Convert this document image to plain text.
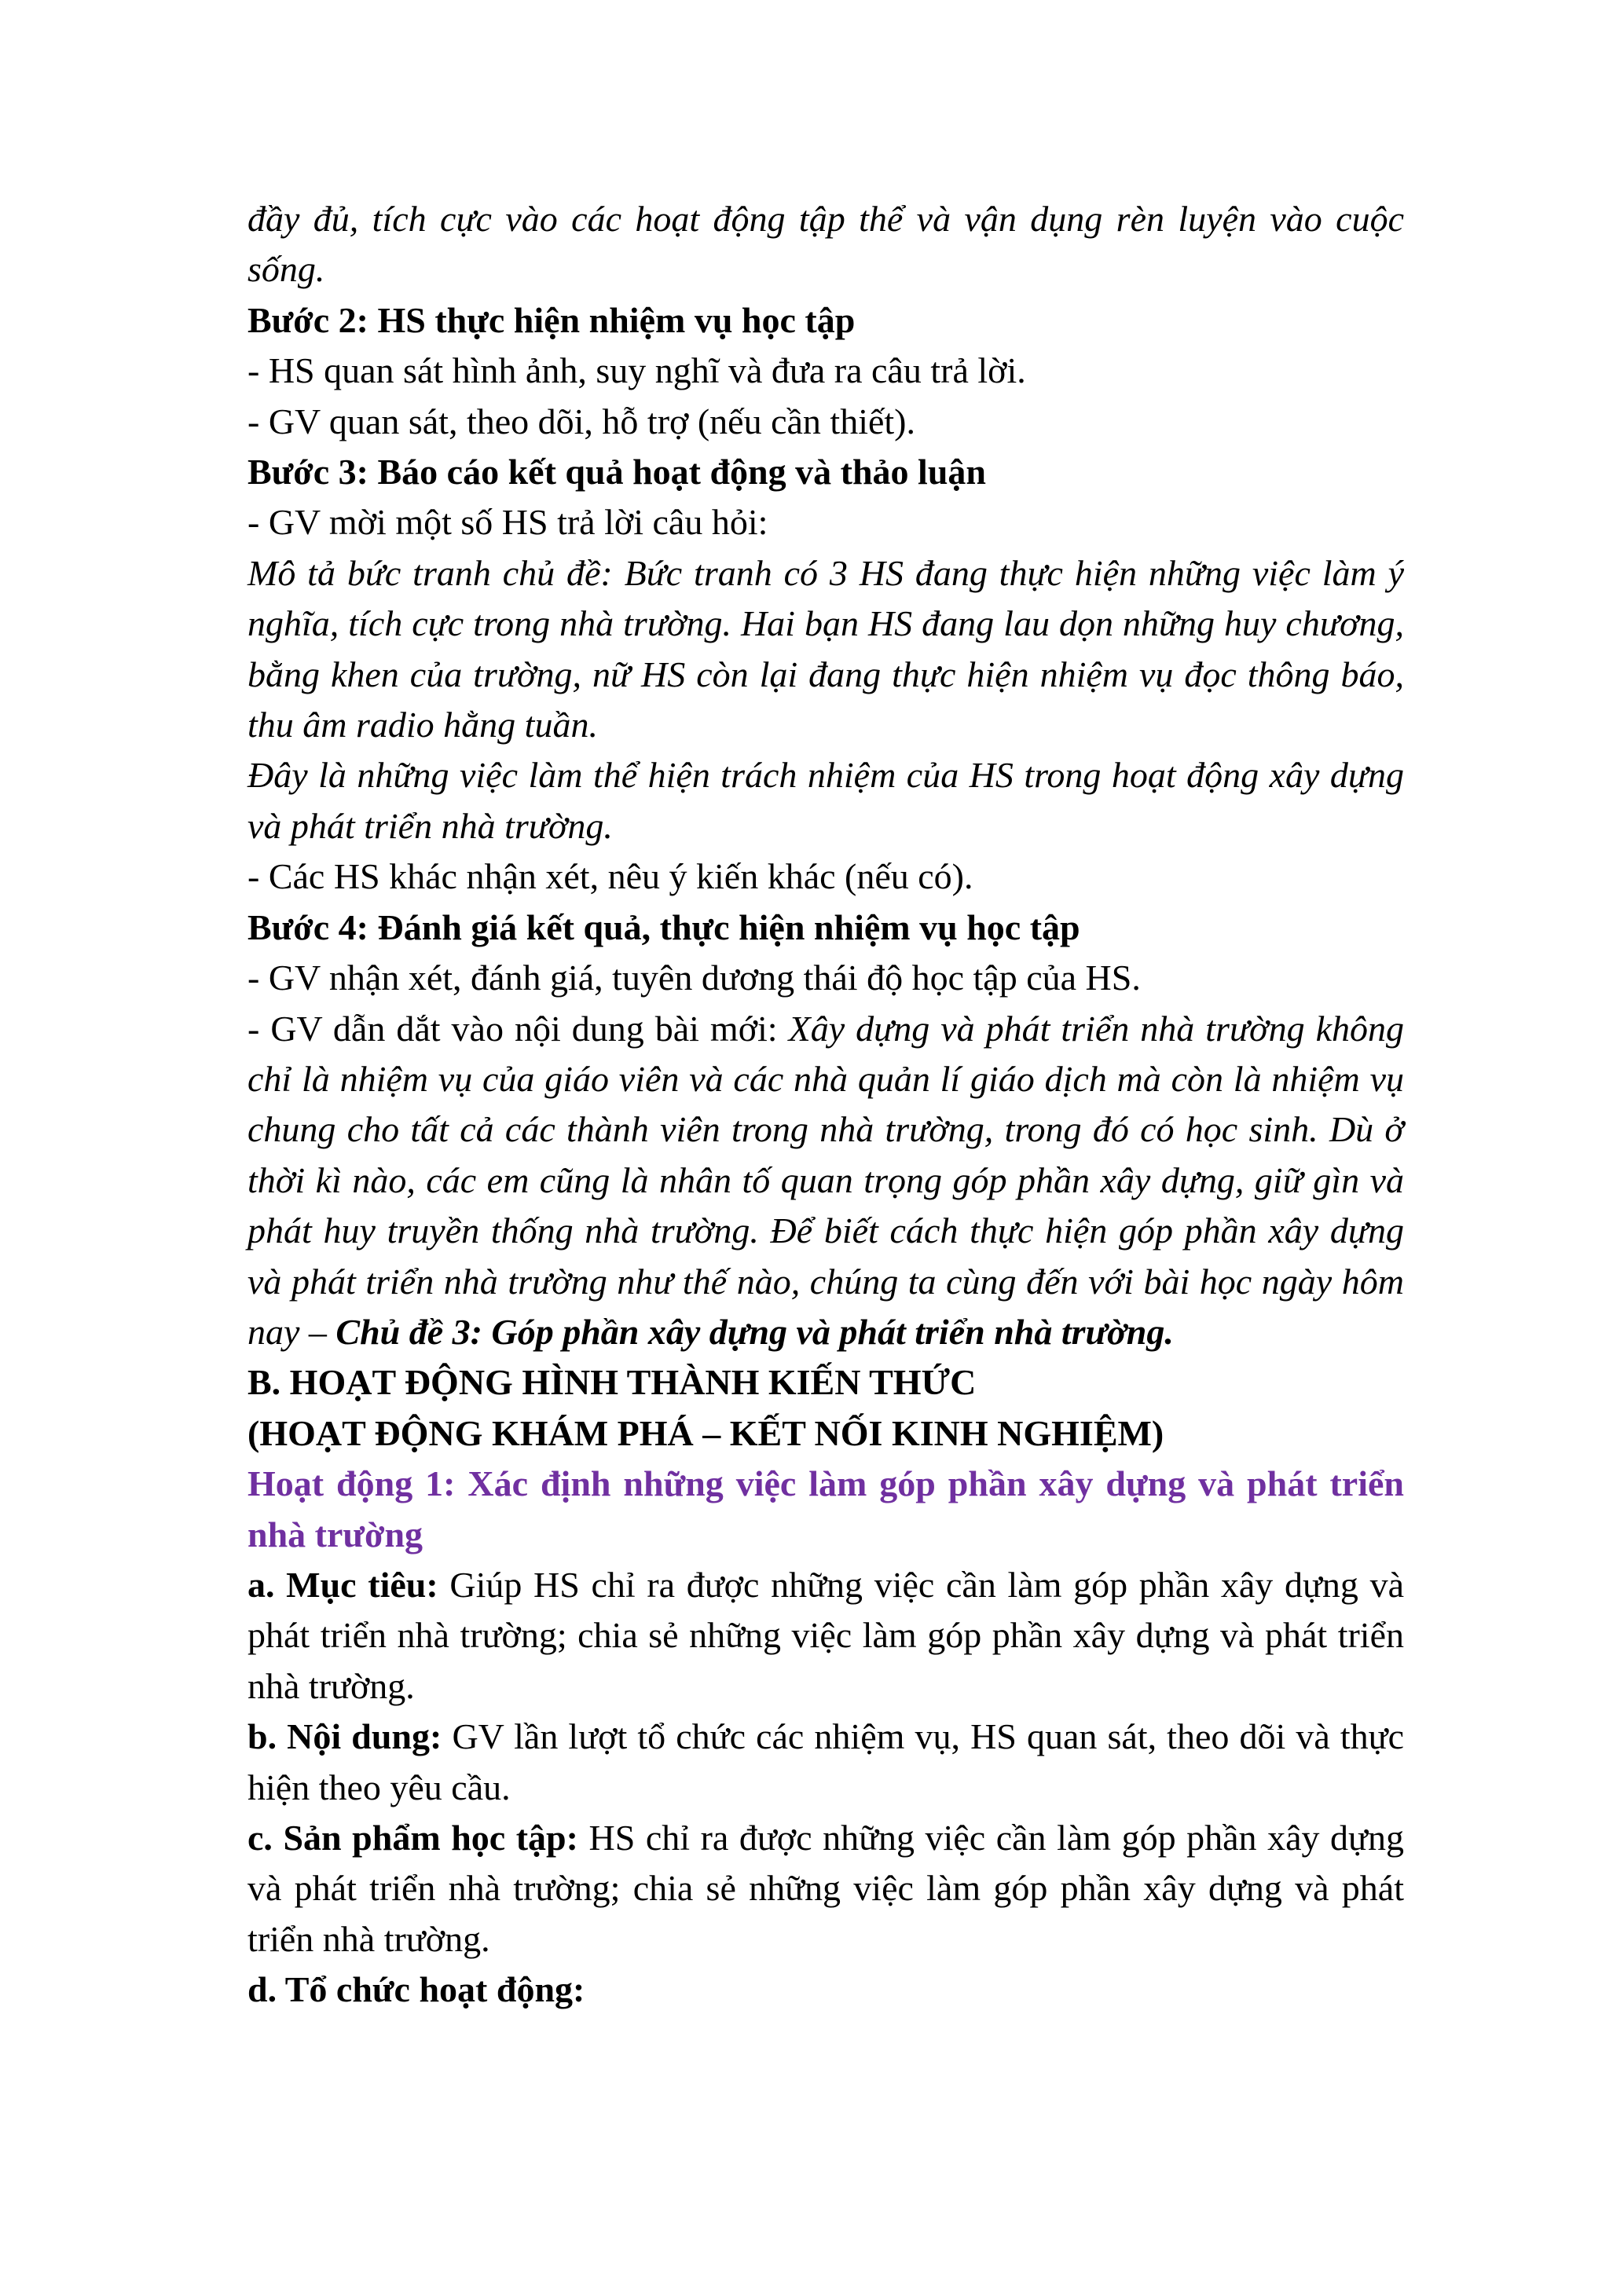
đầy đủ, tích cực vào các hoạt động tập thể và vận dụng rèn luyện vào cuộc sống.

Bước 2: HS thực hiện nhiệm vụ học tập

- HS quan sát hình ảnh, suy nghĩ và đưa ra câu trả lời.

- GV quan sát, theo dõi, hỗ trợ (nếu cần thiết).

Bước 3: Báo cáo kết quả hoạt động và thảo luận

- GV mời một số HS trả lời câu hỏi:

Mô tả bức tranh chủ đề: Bức tranh có 3 HS đang thực hiện những việc làm ý nghĩa, tích cực trong nhà trường. Hai bạn HS đang lau dọn những huy chương, bằng khen của trường, nữ HS còn lại đang thực hiện nhiệm vụ đọc thông báo, thu âm radio hằng tuần.

Đây là những việc làm thể hiện trách nhiệm của HS trong hoạt động xây dựng và phát triển nhà trường.

- Các HS khác nhận xét, nêu ý kiến khác (nếu có).

Bước 4: Đánh giá kết quả, thực hiện nhiệm vụ học tập

- GV nhận xét, đánh giá, tuyên dương thái độ học tập của HS.

- GV dẫn dắt vào nội dung bài mới: Xây dựng và phát triển nhà trường không chỉ là nhiệm vụ của giáo viên và các nhà quản lí giáo dịch mà còn là nhiệm vụ chung cho tất cả các thành viên trong nhà trường, trong đó có học sinh. Dù ở thời kì nào, các em cũng là nhân tố quan trọng góp phần xây dựng, giữ gìn và phát huy truyền thống nhà trường. Để biết cách thực hiện góp phần xây dựng và phát triển nhà trường như thế nào, chúng ta cùng đến với bài học ngày hôm nay – Chủ đề 3: Góp phần xây dựng và phát triển nhà trường.

B. HOẠT ĐỘNG HÌNH THÀNH KIẾN THỨC

(HOẠT ĐỘNG KHÁM PHÁ – KẾT NỐI KINH NGHIỆM)

Hoạt động 1: Xác định những việc làm góp phần xây dựng và phát triển nhà trường

a. Mục tiêu: Giúp HS chỉ ra được những việc cần làm góp phần xây dựng và phát triển nhà trường; chia sẻ những việc làm góp phần xây dựng và phát triển nhà trường.

b. Nội dung: GV lần lượt tổ chức các nhiệm vụ, HS quan sát, theo dõi và thực hiện theo yêu cầu.

c. Sản phẩm học tập: HS chỉ ra được những việc cần làm góp phần xây dựng và phát triển nhà trường; chia sẻ những việc làm góp phần xây dựng và phát triển nhà trường.

d. Tổ chức hoạt động:
